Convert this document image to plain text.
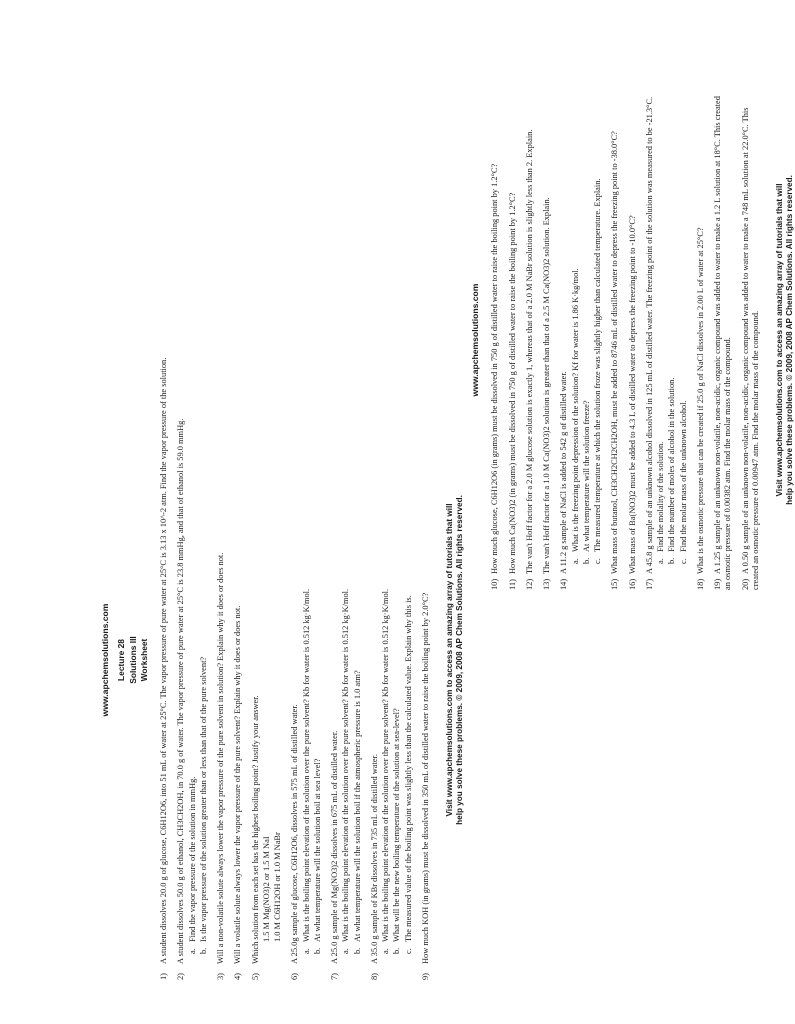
www.apchemsolutions.com Lecture 28 Solutions III Worksheet
1)A student dissolves 20.0 g of glucose, C6H12O6, into 51 mL of water at 25°C. The vapor pressure of pure water at 25°C is 3.13 x 10^-2 atm. Find the vapor pressure of the solution.
2)A student dissolves 50.0 g of ethanol, CH3CH2OH, in 70.0 g of water. The vapor pressure of pure water at 25°C is 23.8 mmHg, and that of ethanol is 59.0 mmHg. a.Find the vapor pressure of the solution in mmHg.
b.Is the vapor pressure of the solution greater than or less than that of the pure solvent?
3)Will a non-volatile solute always lower the vapor pressure of the pure solvent in solution? Explain why it does or does not.
4)Will a volatile solute always lower the vapor pressure of the pure solvent? Explain why it does or does not.
5)Which solution from each set has the highest boiling point? Justify your answer. 1.5 M Mg(NO3)2 or 1.5 M NaI 1.0 M C6H12OH or 1.0 M NaBr
6)A 25.0g sample of glucose, C6H12O6, dissolves in 575 mL of distilled water. a.What is the boiling point elevation of the solution over the pure solvent? Kb for water is 0.512 kg·K/mol.
b.At what temperature will the solution boil at sea level?
7)A 25.0 g sample of Mg(NO3)2 dissolves in 675 mL of distilled water. a.What is the boiling point elevation of the solution over the pure solvent? Kb for water is 0.512 kg·K/mol.
b.At what temperature will the solution boil if the atmospheric pressure is 1.0 atm?
8)A 35.0 g sample of KBr dissolves in 735 mL of distilled water. a.What is the boiling point elevation of the solution over the pure solvent? Kb for water is 0.512 kg·K/mol.
b.What will be the new boiling temperature of the solution at sea-level?
c.The measured value of the boiling point was slightly less than the calculated value. Explain why this is.
9)How much KOH (in grams) must be dissolved in 350 mL of distilled water to raise the boiling point by 2.0°C? Visit www.apchemsolutions.com to access an amazing array of tutorials that will help you solve these problems. © 2009, 2008 AP Chem Solutions. All rights reserved.
www.apchemsolutions.com
10)How much glucose, C6H12O6 (in grams) must be dissolved in 750 g of distilled water to raise the boiling point by 1.2°C?
11)How much Ca(NO3)2 (in grams) must be dissolved in 750 g of distilled water to raise the boiling point by 1.2°C?
12)The van't Hoff factor for a 2.0 M glucose solution is exactly 1, whereas that of a 2.0 M NaBr solution is slightly less than 2. Explain.
13)The van't Hoff factor for a 1.0 M Ca(NO3)2 solution is greater than that of a 2.5 M Ca(NO3)2 solution. Explain.
14)A 11.2 g sample of NaCl is added to 542 g of distilled water. a.What is the freezing point depression of the solution? Kf for water is 1.86 K·kg/mol.
b.At what temperature will the solution freeze?
c.The measured temperature at which the solution froze was slightly higher than calculated temperature. Explain.
15)What mass of butanol, CH3CH2CH2CH2OH, must be added to 8746 mL of distilled water to depress the freezing point to -38.0°C?
16)What mass of Ba(NO3)2 must be added to 4.3 L of distilled water to depress the freezing point to -10.0°C?
17)A 45.8 g sample of an unknown alcohol dissolved in 125 mL of distilled water. The freezing point of the solution was measured to be -21.3°C. a.Find the molality of the solution.
b.Find the number of moles of alcohol in the solution.
c.Find the molar mass of the unknown alcohol.
18)What is the osmotic pressure that can be created if 25.0 g of NaCl dissolves in 2.00 L of water at 25°C?
19)A 1.25 g sample of an unknown non-volatile, non-acidic, organic compound was added to water to make a 1.2 L solution at 18°C. This created an osmotic pressure of 0.00382 atm. Find the molar mass of the compound. 20)A 0.50 g sample of an unknown non-volatile, non-acidic, organic compound was added to water to make a 748 mL solution at 22.0°C. This created an osmotic pressure of 0.00947 atm. Find the molar mass of the compound. Visit www.apchemsolutions.com to access an amazing array of tutorials that will help you solve these problems. © 2009, 2008 AP Chem Solutions. All rights reserved.
